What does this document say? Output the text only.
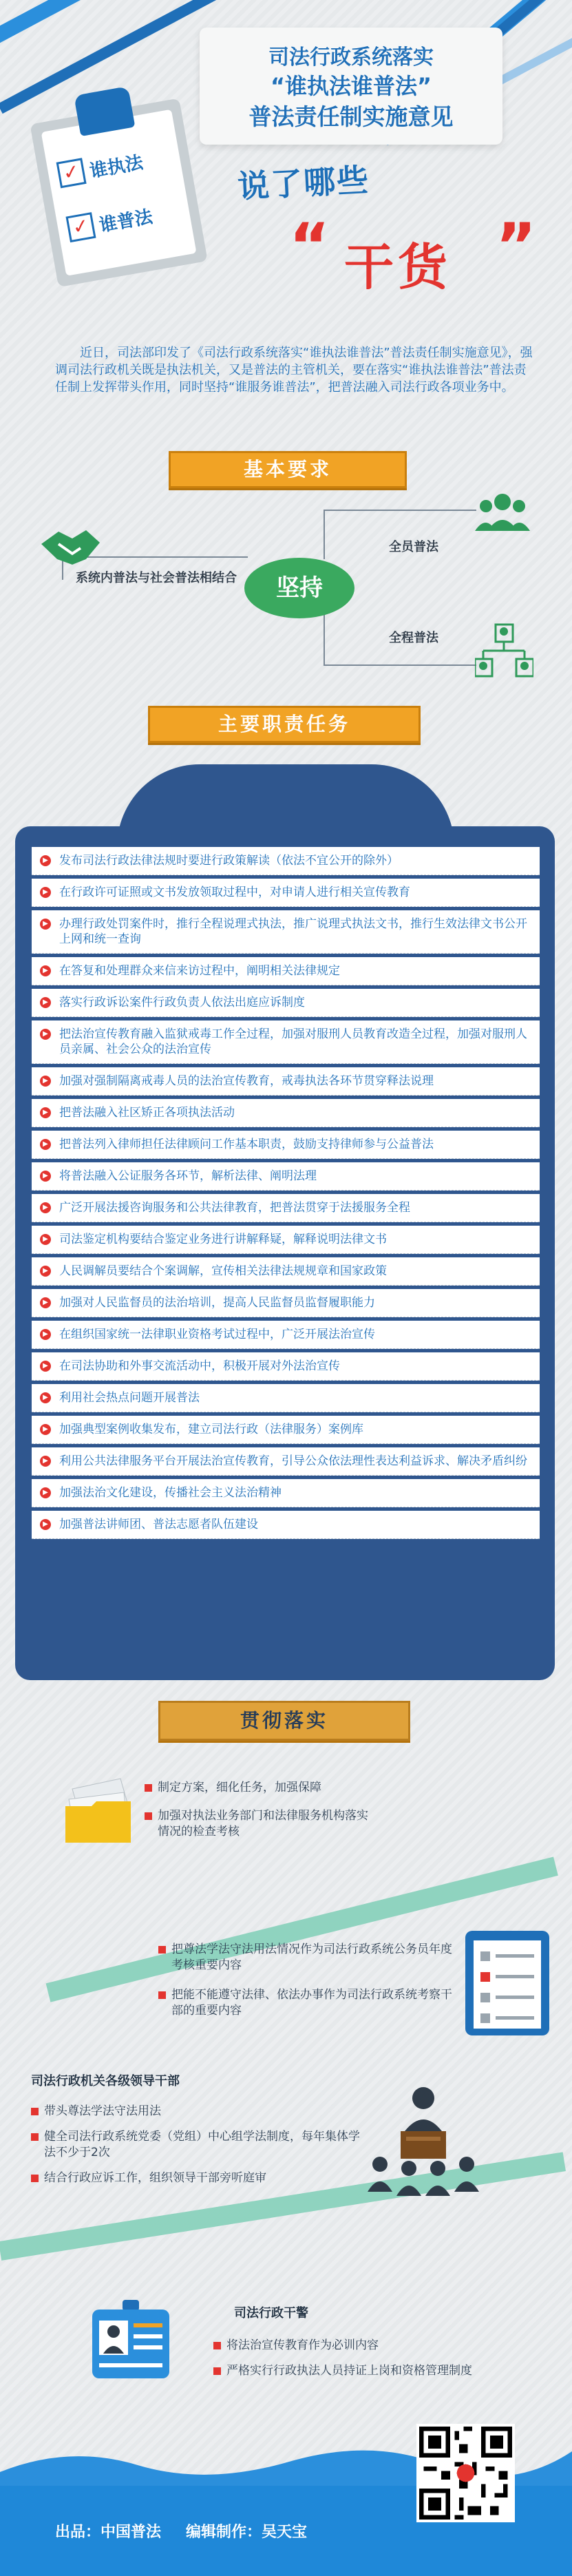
司法行政系统落实
“谁执法谁普法”
普法责任制实施意见
✓ 谁执法
✓ 谁普法
说了哪些
“ 干货 ”
近日，司法部印发了《司法行政系统落实“谁执法谁普法”普法责任制实施意见》，强调司法行政机关既是执法机关，又是普法的主管机关，要在落实“谁执法谁普法”普法责任制上发挥带头作用，同时坚持“谁服务谁普法”，把普法融入司法行政各项业务中。
基本要求
系统内普法与社会普法相结合	坚持
全员普法
全程普法
主要职责任务
▶ 发布司法行政法律法规时要进行政策解读（依法不宜公开的除外）
▶ 在行政许可证照或文书发放领取过程中，对申请人进行相关宣传教育
▶ 办理行政处罚案件时，推行全程说理式执法，推广说理式执法文书，推行生效法律文书公开上网和统一查询
▶ 在答复和处理群众来信来访过程中，阐明相关法律规定
▶ 落实行政诉讼案件行政负责人依法出庭应诉制度
▶ 把法治宣传教育融入监狱戒毒工作全过程，加强对服刑人员教育改造全过程，加强对服刑人员亲属、社会公众的法治宣传
▶ 加强对强制隔离戒毒人员的法治宣传教育，戒毒执法各环节贯穿释法说理
▶ 把普法融入社区矫正各项执法活动
▶ 把普法列入律师担任法律顾问工作基本职责，鼓励支持律师参与公益普法
▶ 将普法融入公证服务各环节，解析法律、阐明法理
▶ 广泛开展法援咨询服务和公共法律教育，把普法贯穿于法援服务全程
▶ 司法鉴定机构要结合鉴定业务进行讲解释疑，解释说明法律文书
▶ 人民调解员要结合个案调解，宣传相关法律法规规章和国家政策
▶ 加强对人民监督员的法治培训，提高人民监督员监督履职能力
▶ 在组织国家统一法律职业资格考试过程中，广泛开展法治宣传
▶ 在司法协助和外事交流活动中，积极开展对外法治宣传
▶ 利用社会热点问题开展普法
▶ 加强典型案例收集发布，建立司法行政（法律服务）案例库
▶ 利用公共法律服务平台开展法治宣传教育，引导公众依法理性表达利益诉求、解决矛盾纠纷
▶ 加强法治文化建设，传播社会主义法治精神
▶ 加强普法讲师团、普法志愿者队伍建设
贯彻落实
制定方案，细化任务，加强保障
加强对执法业务部门和法律服务机构落实情况的检查考核
把尊法学法守法用法情况作为司法行政系统公务员年度考核重要内容
把能不能遵守法律、依法办事作为司法行政系统考察干部的重要内容
司法行政机关各级领导干部
带头尊法学法守法用法
健全司法行政系统党委（党组）中心组学法制度，每年集体学法不少于2次
结合行政应诉工作，组织领导干部旁听庭审
司法行政干警
将法治宣传教育作为必训内容
严格实行行政执法人员持证上岗和资格管理制度
出品：中国普法 编辑制作：吴天宝
